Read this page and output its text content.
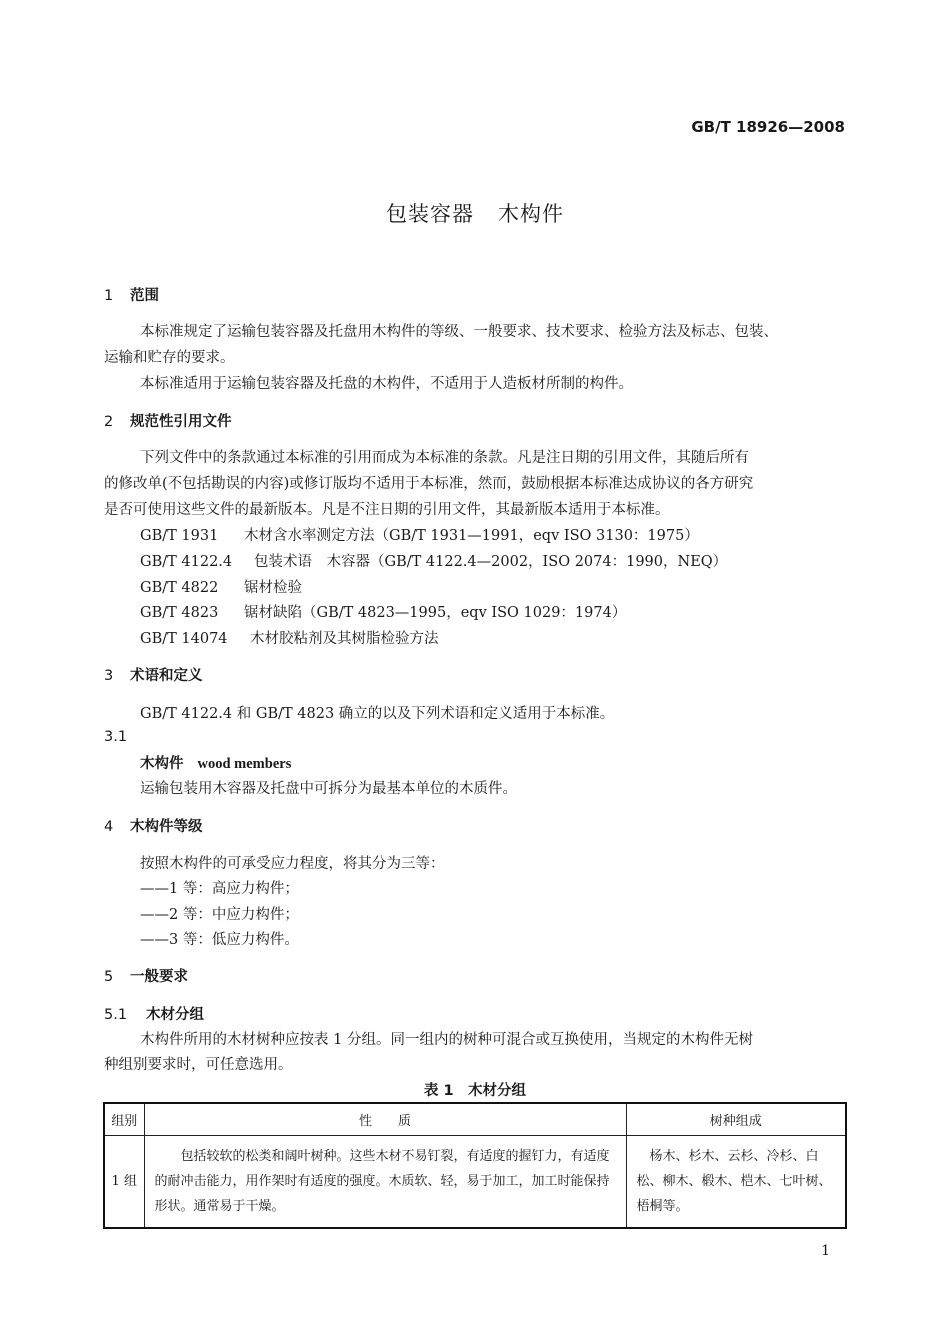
GB/T 18926—2008
包装容器 木构件
1 范围
本标准规定了运输包装容器及托盘用木构件的等级、一般要求、技术要求、检验方法及标志、包装、
运输和贮存的要求。
本标准适用于运输包装容器及托盘的木构件，不适用于人造板材所制的构件。
2 规范性引用文件
下列文件中的条款通过本标准的引用而成为本标准的条款。凡是注日期的引用文件，其随后所有
的修改单(不包括勘误的内容)或修订版均不适用于本标准，然而，鼓励根据本标准达成协议的各方研究
是否可使用这些文件的最新版本。凡是不注日期的引用文件，其最新版本适用于本标准。
GB/T 1931 木材含水率测定方法（GB/T 1931—1991，eqv ISO 3130：1975）
GB/T 4122.4 包装术语　木容器（GB/T 4122.4—2002，ISO 2074：1990，NEQ）
GB/T 4822 锯材检验
GB/T 4823 锯材缺陷（GB/T 4823—1995，eqv ISO 1029：1974）
GB/T 14074 木材胶粘剂及其树脂检验方法
3 术语和定义
GB/T 4122.4 和 GB/T 4823 确立的以及下列术语和定义适用于本标准。
3.1
木构件 wood members
运输包装用木容器及托盘中可拆分为最基本单位的木质件。
4 木构件等级
按照木构件的可承受应力程度，将其分为三等：
——1 等：高应力构件；
——2 等：中应力构件；
——3 等：低应力构件。
5 一般要求
5.1 木材分组
木构件所用的木材树种应按表 1 分组。同一组内的树种可混合或互换使用，当规定的木构件无树
种组别要求时，可任意选用。
表 1　木材分组
组别	性　　质	树种组成
1 组	包括较软的松类和阔叶树种。这些木材不易钉裂，有适度的握钉力，有适度的耐冲击能力，用作架时有适度的强度。木质软、轻，易于加工，加工时能保持形状。通常易于干燥。	杨木、杉木、云杉、冷杉、白松、柳木、椴木、桤木、七叶树、梧桐等。
1
